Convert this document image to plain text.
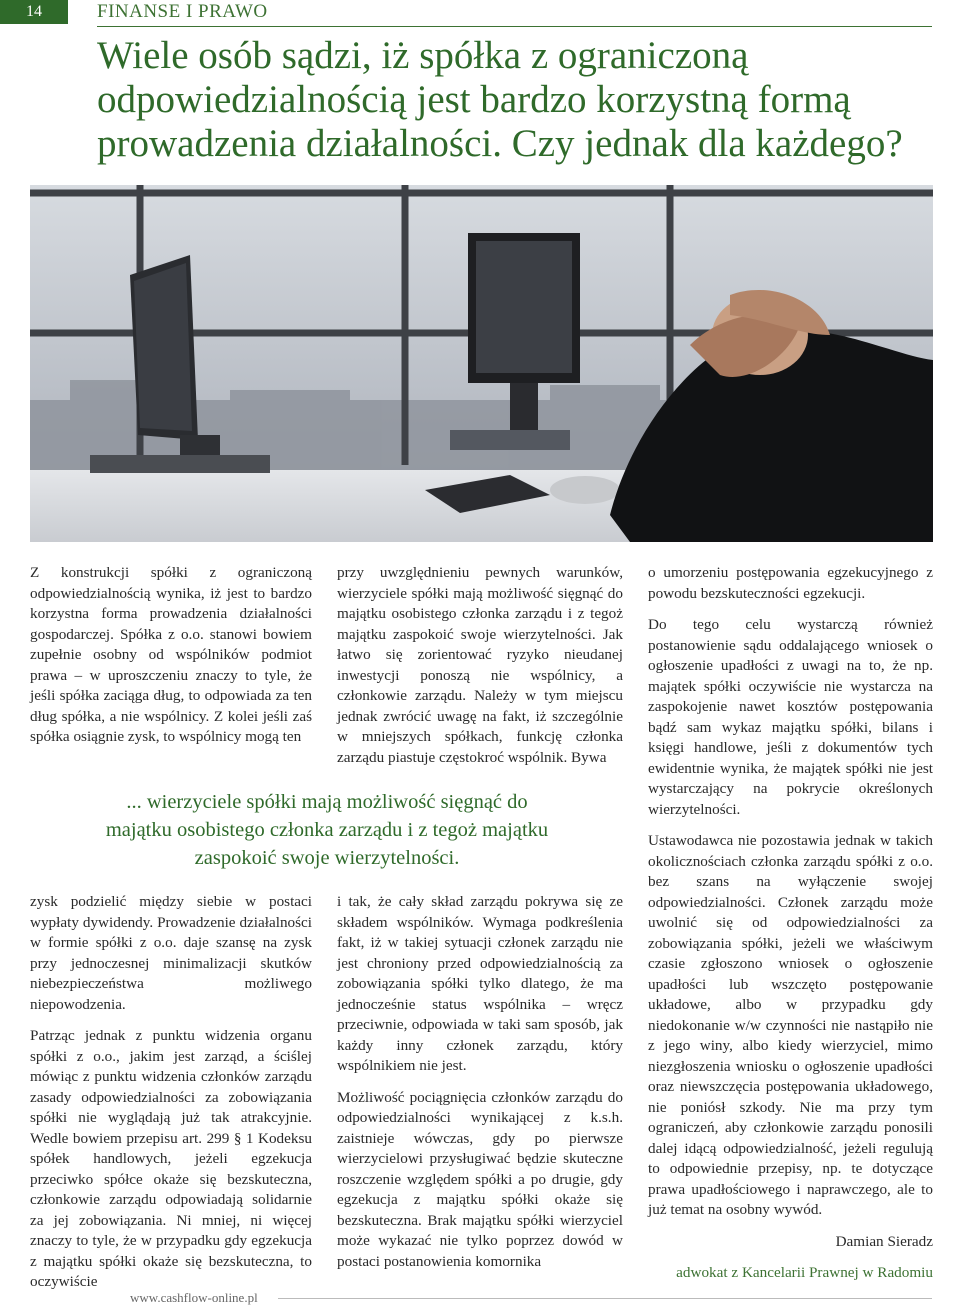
14	FINANSE I PRAWO
Wiele osób sądzi, iż spółka z ograniczoną odpowiedzialnością jest bardzo korzystną formą prowadzenia działalności. Czy jednak dla każdego?

Z konstrukcji spółki z ograniczoną odpowiedzialnością wynika, iż jest to bardzo korzystna forma prowadzenia działalności gospodarczej. Spółka z o.o. stanowi bowiem zupełnie osobny od wspólników podmiot prawa – w uproszczeniu znaczy to tyle, że jeśli spółka zaciąga dług, to odpowiada za ten dług spółka, a nie wspólnicy. Z kolei jeśli zaś spółka osiągnie zysk, to wspólnicy mogą ten

przy uwzględnieniu pewnych warunków, wierzyciele spółki mają możliwość sięgnąć do majątku osobistego członka zarządu i z tegoż majątku zaspokoić swoje wierzytelności. Jak łatwo się zorientować ryzyko nieudanej inwestycji ponoszą nie wspólnicy, a członkowie zarządu. Należy w tym miejscu jednak zwrócić uwagę na fakt, iż szczególnie w mniejszych spółkach, funkcję członka zarządu piastuje częstokroć wspólnik. Bywa

... wierzyciele spółki mają możliwość sięgnąć do majątku osobistego członka zarządu i z tegoż majątku zaspokoić swoje wierzytelności.

zysk podzielić między siebie w postaci wypłaty dywidendy. Prowadzenie działalności w formie spółki z o.o. daje szansę na zysk przy jednoczesnej minimalizacji skutków niebezpieczeństwa możliwego niepowodzenia.

Patrząc jednak z punktu widzenia organu spółki z o.o., jakim jest zarząd, a ściślej mówiąc z punktu widzenia członków zarządu zasady odpowiedzialności za zobowiązania spółki nie wyglądają już tak atrakcyjnie. Wedle bowiem przepisu art. 299 § 1 Kodeksu spółek handlowych, jeżeli egzekucja przeciwko spółce okaże się bezskuteczna, członkowie zarządu odpowiadają solidarnie za jej zobowiązania. Ni mniej, ni więcej znaczy to tyle, że w przypadku gdy egzekucja z majątku spółki okaże się bezskuteczna, to oczywiście

i tak, że cały skład zarządu pokrywa się ze składem wspólników. Wymaga podkreślenia fakt, iż w takiej sytuacji członek zarządu nie jest chroniony przed odpowiedzialnością za zobowiązania spółki tylko dlatego, że ma jednocześnie status wspólnika – wręcz przeciwnie, odpowiada w taki sam sposób, jak każdy inny członek zarządu, który wspólnikiem nie jest.

Możliwość pociągnięcia członków zarządu do odpowiedzialności wynikającej z k.s.h. zaistnieje wówczas, gdy po pierwsze wierzycielowi przysługiwać będzie skuteczne roszczenie względem spółki a po drugie, gdy egzekucja z majątku spółki okaże się bezskuteczna. Brak majątku spółki wierzyciel może wykazać nie tylko poprzez dowód w postaci postanowienia komornika

o umorzeniu postępowania egzekucyjnego z powodu bezskuteczności egzekucji.

Do tego celu wystarczą również postanowienie sądu oddalającego wniosek o ogłoszenie upadłości z uwagi na to, że np. majątek spółki oczywiście nie wystarcza na zaspokojenie nawet kosztów postępowania bądź sam wykaz majątku spółki, bilans i księgi handlowe, jeśli z dokumentów tych ewidentnie wynika, że majątek spółki nie jest wystarczający na pokrycie określonych wierzytelności.

Ustawodawca nie pozostawia jednak w takich okolicznościach członka zarządu spółki z o.o. bez szans na wyłączenie swojej odpowiedzialności. Członek zarządu może uwolnić się od odpowiedzialności za zobowiązania spółki, jeżeli we właściwym czasie zgłoszono wniosek o ogłoszenie upadłości lub wszczęto postępowanie układowe, albo w przypadku gdy niedokonanie w/w czynności nie nastąpiło nie z jego winy, albo kiedy wierzyciel, mimo niezgłoszenia wniosku o ogłoszenie upadłości oraz niewszczęcia postępowania układowego, nie poniósł szkody. Nie ma przy tym ograniczeń, aby członkowie zarządu ponosili dalej idącą odpowiedzialność, jeżeli regulują to odpowiednie przepisy, np. te dotyczące prawa upadłościowego i naprawczego, ale to już temat na osobny wywód.

Damian Sieradz

adwokat z Kancelarii Prawnej w Radomiu

www.cashflow-online.pl
